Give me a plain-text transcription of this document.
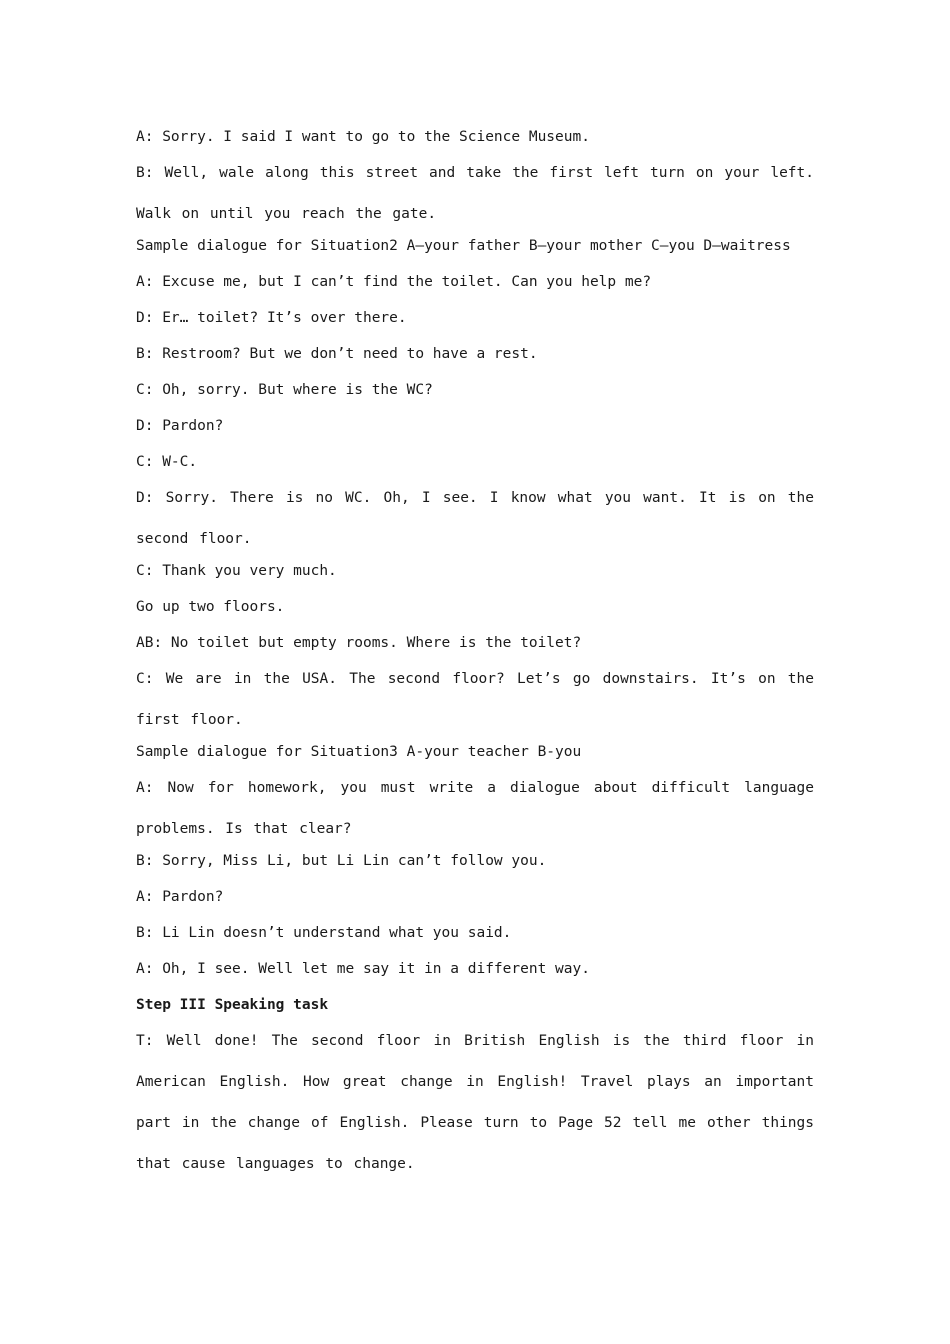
A: Sorry. I said I want to go to the Science Museum.
B: Well, wale along this street and take the first left turn on your left. Walk on until you reach the gate.
Sample dialogue for Situation2 A—your father B—your mother C—you D—waitress
A: Excuse me, but I can’t find the toilet. Can you help me?
D: Er… toilet? It’s over there.
B: Restroom? But we don’t need to have a rest.
C: Oh, sorry. But where is the WC?
D: Pardon?
C: W-C.
D: Sorry. There is no WC. Oh, I see. I know what you want. It is on the second floor.
C: Thank you very much.
Go up two floors.
AB: No toilet but empty rooms. Where is the toilet?
C: We are in the USA. The second floor? Let’s go downstairs. It’s on the first floor.
Sample dialogue for Situation3 A-your teacher B-you
A: Now for homework, you must write a dialogue about difficult language problems. Is that clear?
B: Sorry, Miss Li, but Li Lin can’t follow you.
A: Pardon?
B: Li Lin doesn’t understand what you said.
A: Oh, I see. Well let me say it in a different way.
Step III Speaking task
T: Well done! The second floor in British English is the third floor in American English. How great change in English! Travel plays an important part in the change of English. Please turn to Page 52 tell me other things that cause languages to change.
